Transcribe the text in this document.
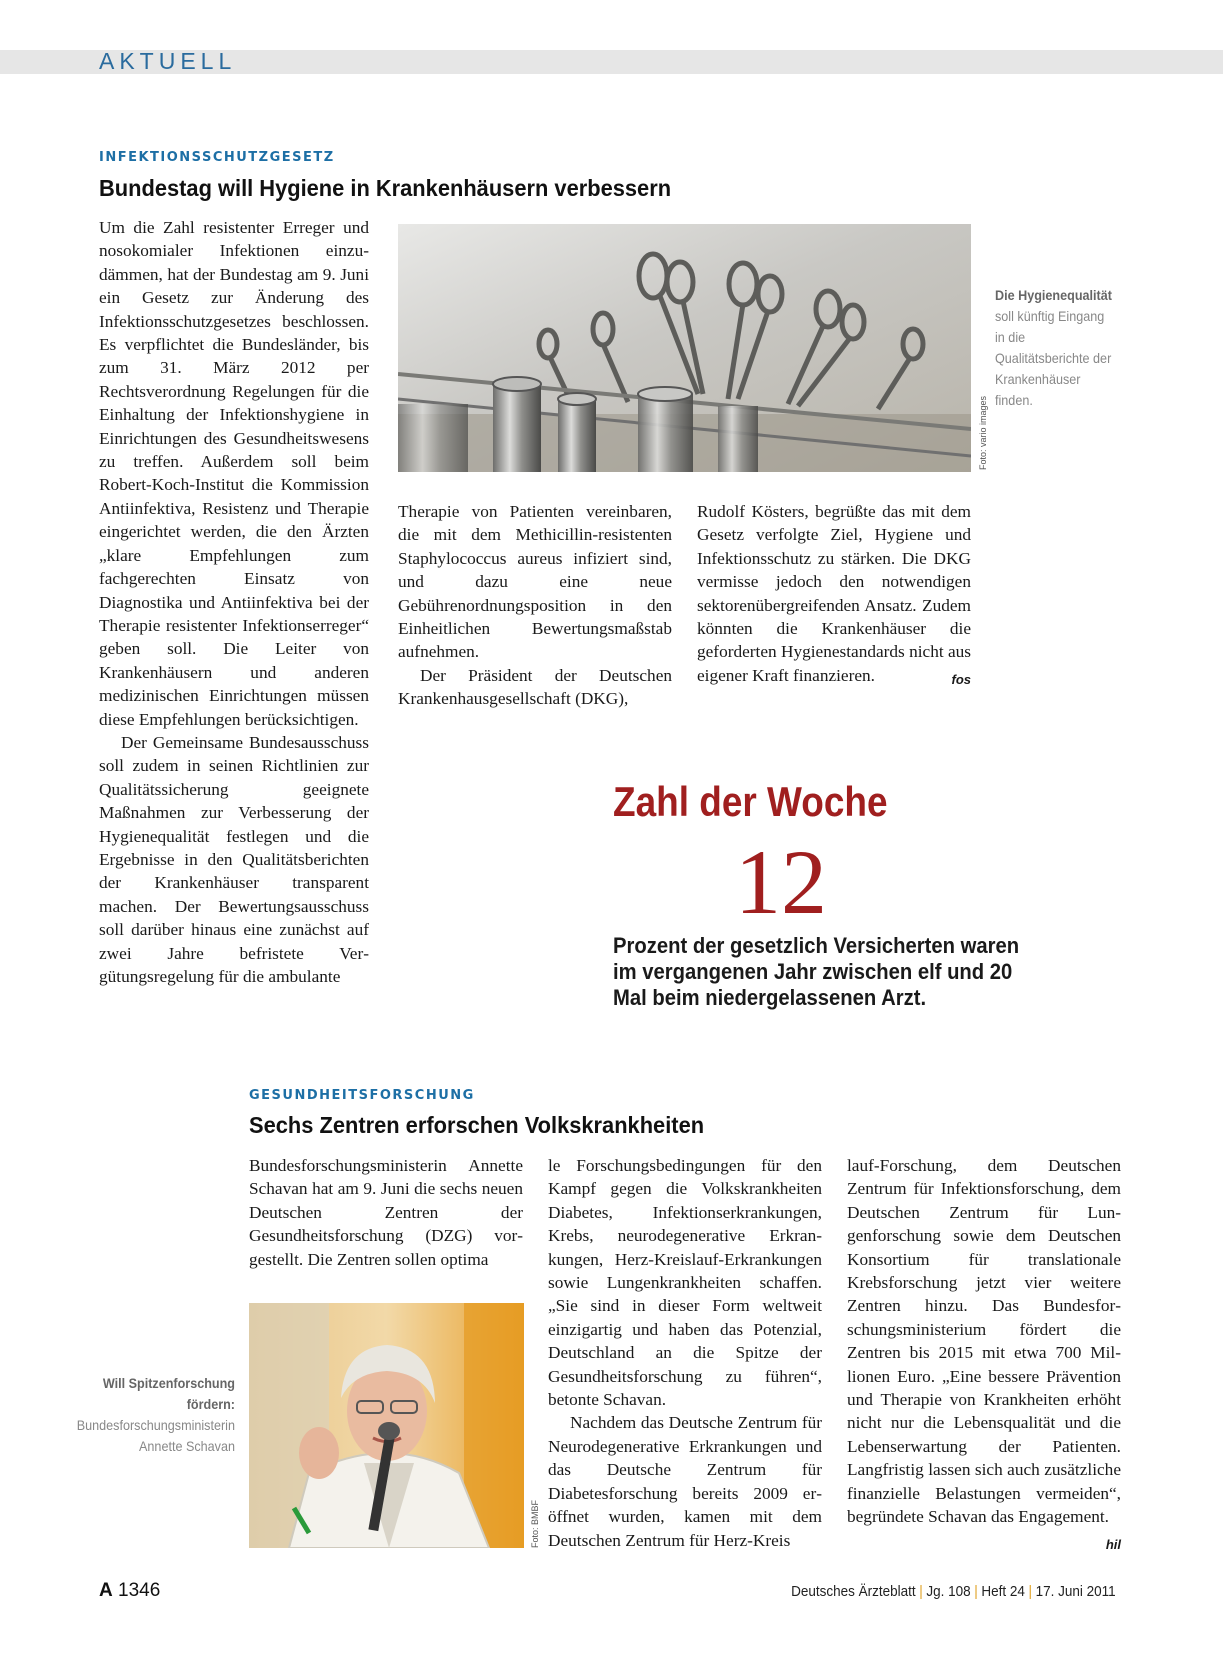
AKTUELL
INFEKTIONSSCHUTZGESETZ
Bundestag will Hygiene in Krankenhäusern verbessern

Um die Zahl resistenter Erreger und nosokomialer Infektionen einzudämmen, hat der Bundestag am 9. Juni ein Gesetz zur Änderung des Infektionsschutzgesetzes beschlossen. Es verpflichtet die Bundesländer, bis zum 31. März 2012 per Rechtsverordnung Regelungen für die Einhaltung der Infektionshygiene in Einrichtungen des Gesundheitswesens zu treffen. Außerdem soll beim Robert-Koch-Institut die Kommission Antiinfektiva, Resistenz und Therapie eingerichtet werden, die den Ärzten „klare Empfehlungen zum fachgerechten Einsatz von Diagnostika und Antiinfektiva bei der Therapie resistenter Infektionserreger“ geben soll. Die Leiter von Krankenhäusern und anderen medizinischen Einrichtungen müssen diese Empfehlungen berücksichtigen.

Der Gemeinsame Bundesausschuss soll zudem in seinen Richtlinien zur Qualitätssicherung geeignete Maßnahmen zur Verbesserung der Hygienequalität festlegen und die Ergebnisse in den Qualitätsberichten der Krankenhäuser transparent machen. Der Bewertungsausschuss soll darüber hinaus eine zunächst auf zwei Jahre befristete Vergütungsregelung für die ambulante

Foto: vario images
Die Hygienequalität soll künftig Eingang in die Qualitätsberichte der Krankenhäuser finden.

Therapie von Patienten vereinbaren, die mit dem Methicillin-resistenten Staphylococcus aureus infiziert sind, und dazu eine neue Gebührenordnungsposition in den Einheitlichen Bewertungsmaßstab aufnehmen.

Der Präsident der Deutschen Krankenhausgesellschaft (DKG),

Rudolf Kösters, begrüßte das mit dem Gesetz verfolgte Ziel, Hygiene und Infektionsschutz zu stärken. Die DKG vermisse jedoch den notwendigen sektorenübergreifenden Ansatz. Zudem könnten die Krankenhäuser die geforderten Hygienestandards nicht aus eigener Kraft finanzieren.	fos

Zahl der Woche
12
Prozent der gesetzlich Versicherten waren im vergangenen Jahr zwischen elf und 20 Mal beim niedergelassenen Arzt.
GESUNDHEITSFORSCHUNG
Sechs Zentren erforschen Volkskrankheiten

Bundesforschungsministerin Annette Schavan hat am 9. Juni die sechs neuen Deutschen Zentren der Gesundheitsforschung (DZG) vorgestellt. Die Zentren sollen optima

Foto: BMBF
Will Spitzenforschung fördern:
Bundesforschungsministerin Annette Schavan

le Forschungsbedingungen für den Kampf gegen die Volkskrankheiten Diabetes, Infektionserkrankungen, Krebs, neurodegenerative Erkrankungen, Herz-Kreislauf-Erkrankungen sowie Lungenkrankheiten schaffen. „Sie sind in dieser Form weltweit einzigartig und haben das Potenzial, Deutschland an die Spitze der Gesundheitsforschung zu führen“, betonte Schavan.

Nachdem das Deutsche Zentrum für Neurodegenerative Erkrankungen und das Deutsche Zentrum für Diabetesforschung bereits 2009 eröffnet wurden, kamen mit dem Deutschen Zentrum für Herz-Kreis

lauf-Forschung, dem Deutschen Zentrum für Infektionsforschung, dem Deutschen Zentrum für Lungenforschung sowie dem Deutschen Konsortium für translationale Krebsforschung jetzt vier weitere Zentren hinzu. Das Bundesforschungsministerium fördert die Zentren bis 2015 mit etwa 700 Millionen Euro. „Eine bessere Prävention und Therapie von Krankheiten erhöht nicht nur die Lebensqualität und die Lebenserwartung der Patienten. Langfristig lassen sich auch zusätzliche finanzielle Belastungen vermeiden“, begründete Schavan das Engagement.
hil

A 1346	Deutsches Ärzteblatt | Jg. 108 | Heft 24 | 17. Juni 2011
